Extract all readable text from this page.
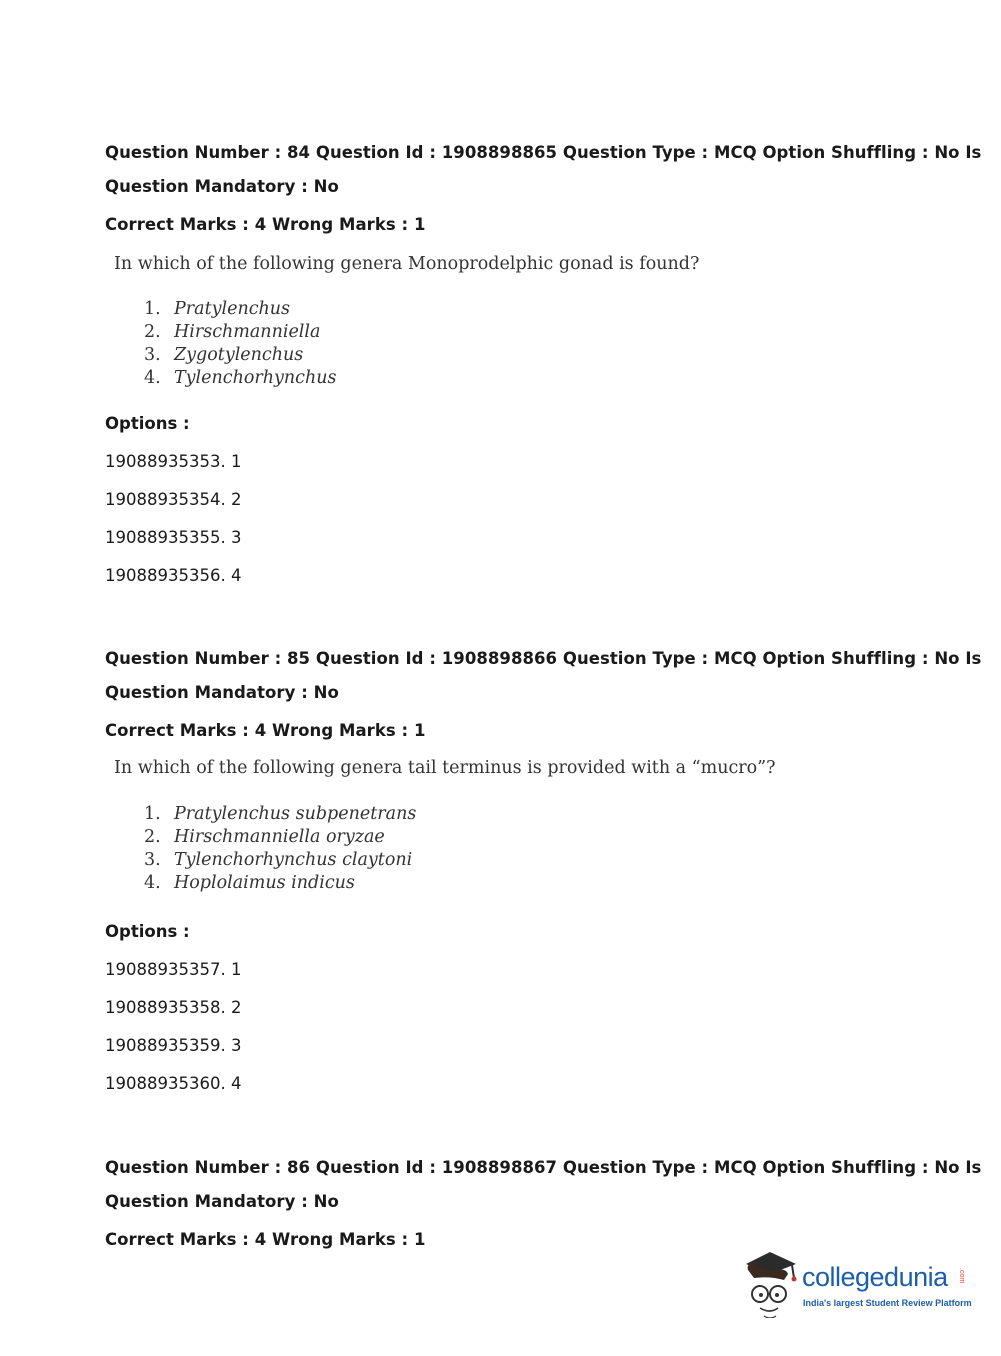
Question Number : 84 Question Id : 1908898865 Question Type : MCQ Option Shuffling : No Is
Question Mandatory : No
Correct Marks : 4 Wrong Marks : 1
In which of the following genera Monoprodelphic gonad is found?
1. Pratylenchus
2. Hirschmanniella
3. Zygotylenchus
4. Tylenchorhynchus
Options :
19088935353. 1
19088935354. 2
19088935355. 3
19088935356. 4
Question Number : 85 Question Id : 1908898866 Question Type : MCQ Option Shuffling : No Is
Question Mandatory : No
Correct Marks : 4 Wrong Marks : 1
In which of the following genera tail terminus is provided with a “mucro”?
1. Pratylenchus subpenetrans
2. Hirschmanniella oryzae
3. Tylenchorhynchus claytoni
4. Hoplolaimus indicus
Options :
19088935357. 1
19088935358. 2
19088935359. 3
19088935360. 4
Question Number : 86 Question Id : 1908898867 Question Type : MCQ Option Shuffling : No Is
Question Mandatory : No
Correct Marks : 4 Wrong Marks : 1
collegedunia .com
India's largest Student Review Platform
